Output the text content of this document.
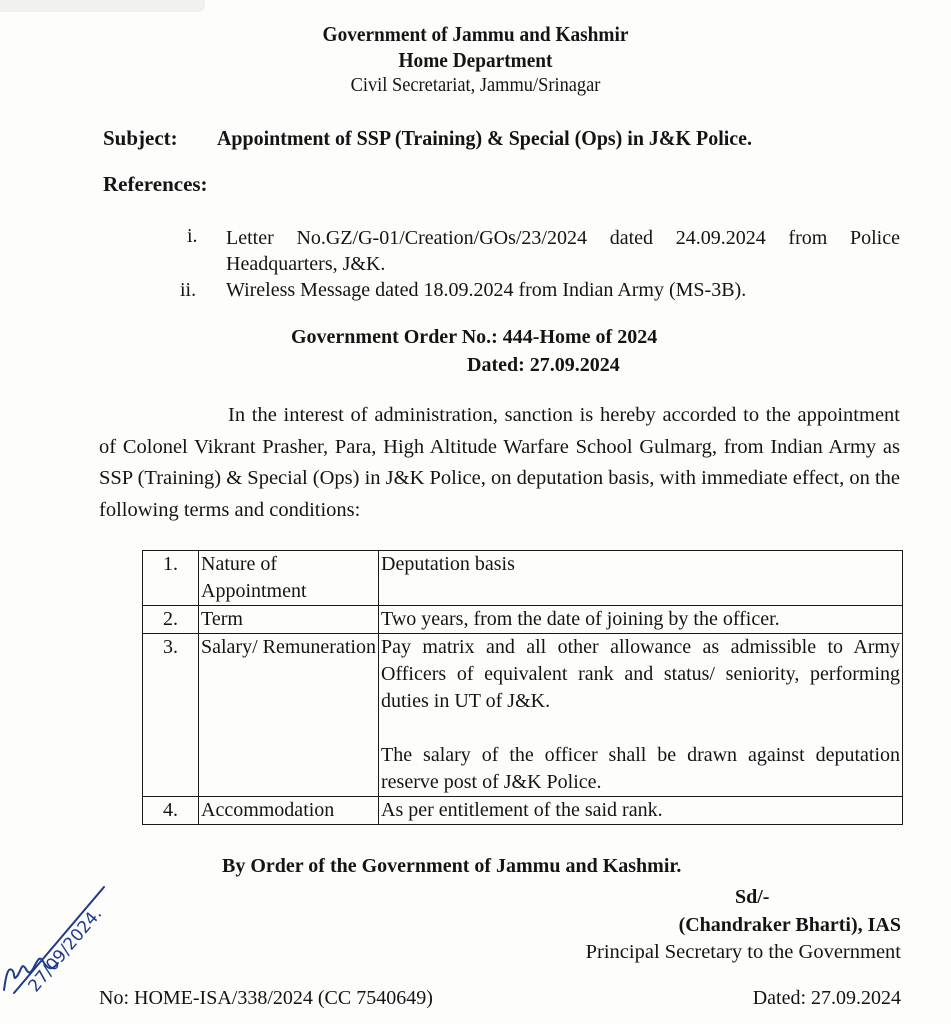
Government of Jammu and Kashmir
Home Department
Civil Secretariat, Jammu/Srinagar
Subject: Appointment of SSP (Training) & Special (Ops) in J&K Police.
References:
i. Letter No.GZ/G-01/Creation/GOs/23/2024 dated 24.09.2024 from Police Headquarters, J&K.
ii. Wireless Message dated 18.09.2024 from Indian Army (MS-3B).
Government Order No.: 444-Home of 2024
Dated: 27.09.2024
In the interest of administration, sanction is hereby accorded to the appointment of Colonel Vikrant Prasher, Para, High Altitude Warfare School Gulmarg, from Indian Army as SSP (Training) & Special (Ops) in J&K Police, on deputation basis, with immediate effect, on the following terms and conditions:
1.	Nature of Appointment	Deputation basis

2.	Term	Two years, from the date of joining by the officer.
3.	Salary/ Remuneration	Pay matrix and all other allowance as admissible to Army Officers of equivalent rank and status/ seniority, performing duties in UT of J&K.
The salary of the officer shall be drawn against deputation reserve post of J&K Police.

4.	Accommodation	As per entitlement of the said rank.
By Order of the Government of Jammu and Kashmir.
Sd/-
(Chandraker Bharti), IAS
Principal Secretary to the Government
No: HOME-ISA/338/2024 (CC 7540649)	Dated: 27.09.2024
27/09/2024.
